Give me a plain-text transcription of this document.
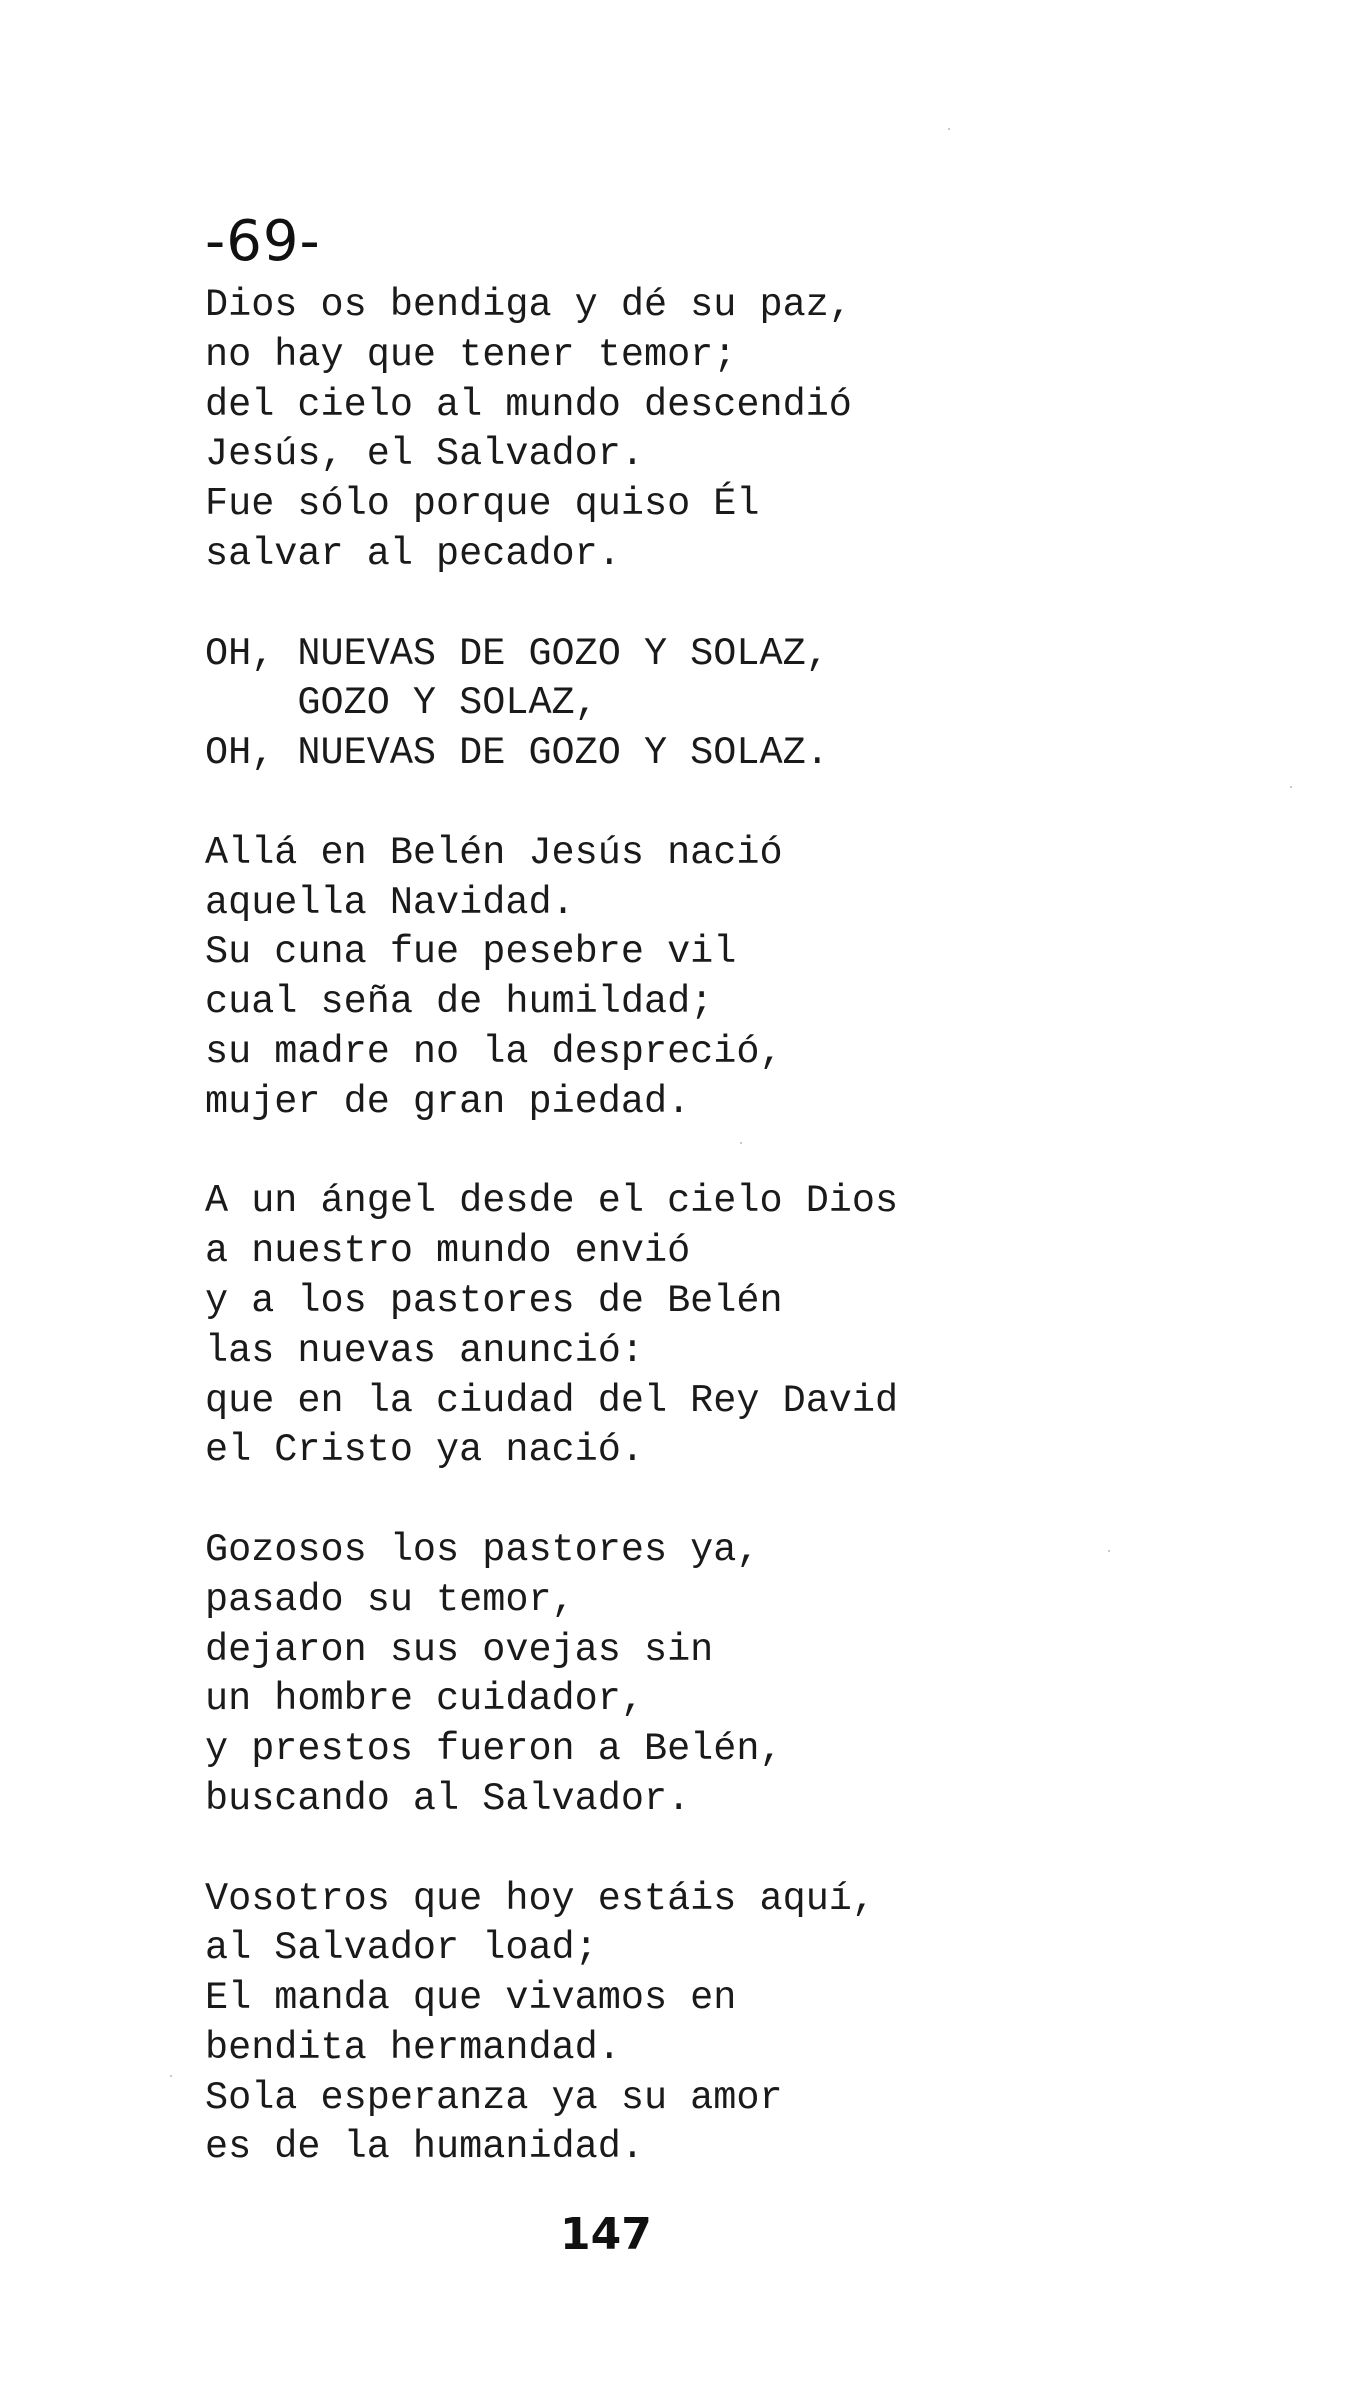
-69-
Dios os bendiga y dé su paz,
no hay que tener temor;
del cielo al mundo descendió
Jesús, el Salvador.
Fue sólo porque quiso Él
salvar al pecador.
OH, NUEVAS DE GOZO Y SOLAZ,
GOZO Y SOLAZ,
OH, NUEVAS DE GOZO Y SOLAZ.
Allá en Belén Jesús nació
aquella Navidad.
Su cuna fue pesebre vil
cual seña de humildad;
su madre no la despreció,
mujer de gran piedad.
A un ángel desde el cielo Dios
a nuestro mundo envió
y a los pastores de Belén
las nuevas anunció:
que en la ciudad del Rey David
el Cristo ya nació.
Gozosos los pastores ya,
pasado su temor,
dejaron sus ovejas sin
un hombre cuidador,
y prestos fueron a Belén,
buscando al Salvador.
Vosotros que hoy estáis aquí,
al Salvador load;
El manda que vivamos en
bendita hermandad.
Sola esperanza ya su amor
es de la humanidad.
147
